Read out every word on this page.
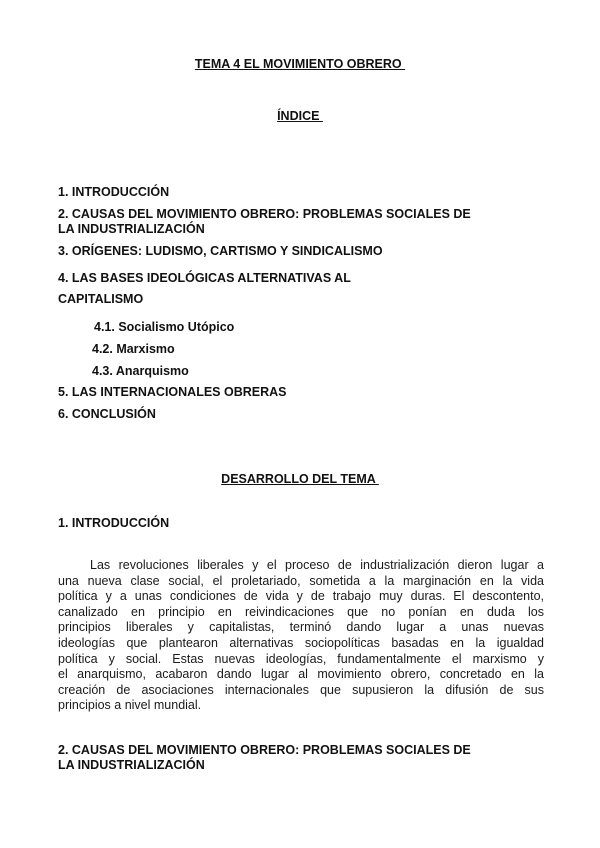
TEMA 4 EL MOVIMIENTO OBRERO
ÍNDICE
1. INTRODUCCIÓN
2. CAUSAS DEL MOVIMIENTO OBRERO: PROBLEMAS SOCIALES DE
LA INDUSTRIALIZACIÓN
3. ORÍGENES: LUDISMO, CARTISMO Y SINDICALISMO
4. LAS BASES IDEOLÓGICAS ALTERNATIVAS AL
CAPITALISMO
4.1. Socialismo Utópico
4.2. Marxismo
4.3. Anarquismo
5. LAS INTERNACIONALES OBRERAS
6. CONCLUSIÓN
DESARROLLO DEL TEMA
1. INTRODUCCIÓN
Las revoluciones liberales y el proceso de industrialización dieron lugar a
una nueva clase social, el proletariado, sometida a la marginación en la vida
política y a unas condiciones de vida y de trabajo muy duras. El descontento,
canalizado en principio en reivindicaciones que no ponían en duda los
principios liberales y capitalistas, terminó dando lugar a unas nuevas
ideologías que plantearon alternativas sociopolíticas basadas en la igualdad
política y social. Estas nuevas ideologías, fundamentalmente el marxismo y
el anarquismo, acabaron dando lugar al movimiento obrero, concretado en la
creación de asociaciones internacionales que supusieron la difusión de sus
principios a nivel mundial.
2. CAUSAS DEL MOVIMIENTO OBRERO: PROBLEMAS SOCIALES DE
LA INDUSTRIALIZACIÓN
